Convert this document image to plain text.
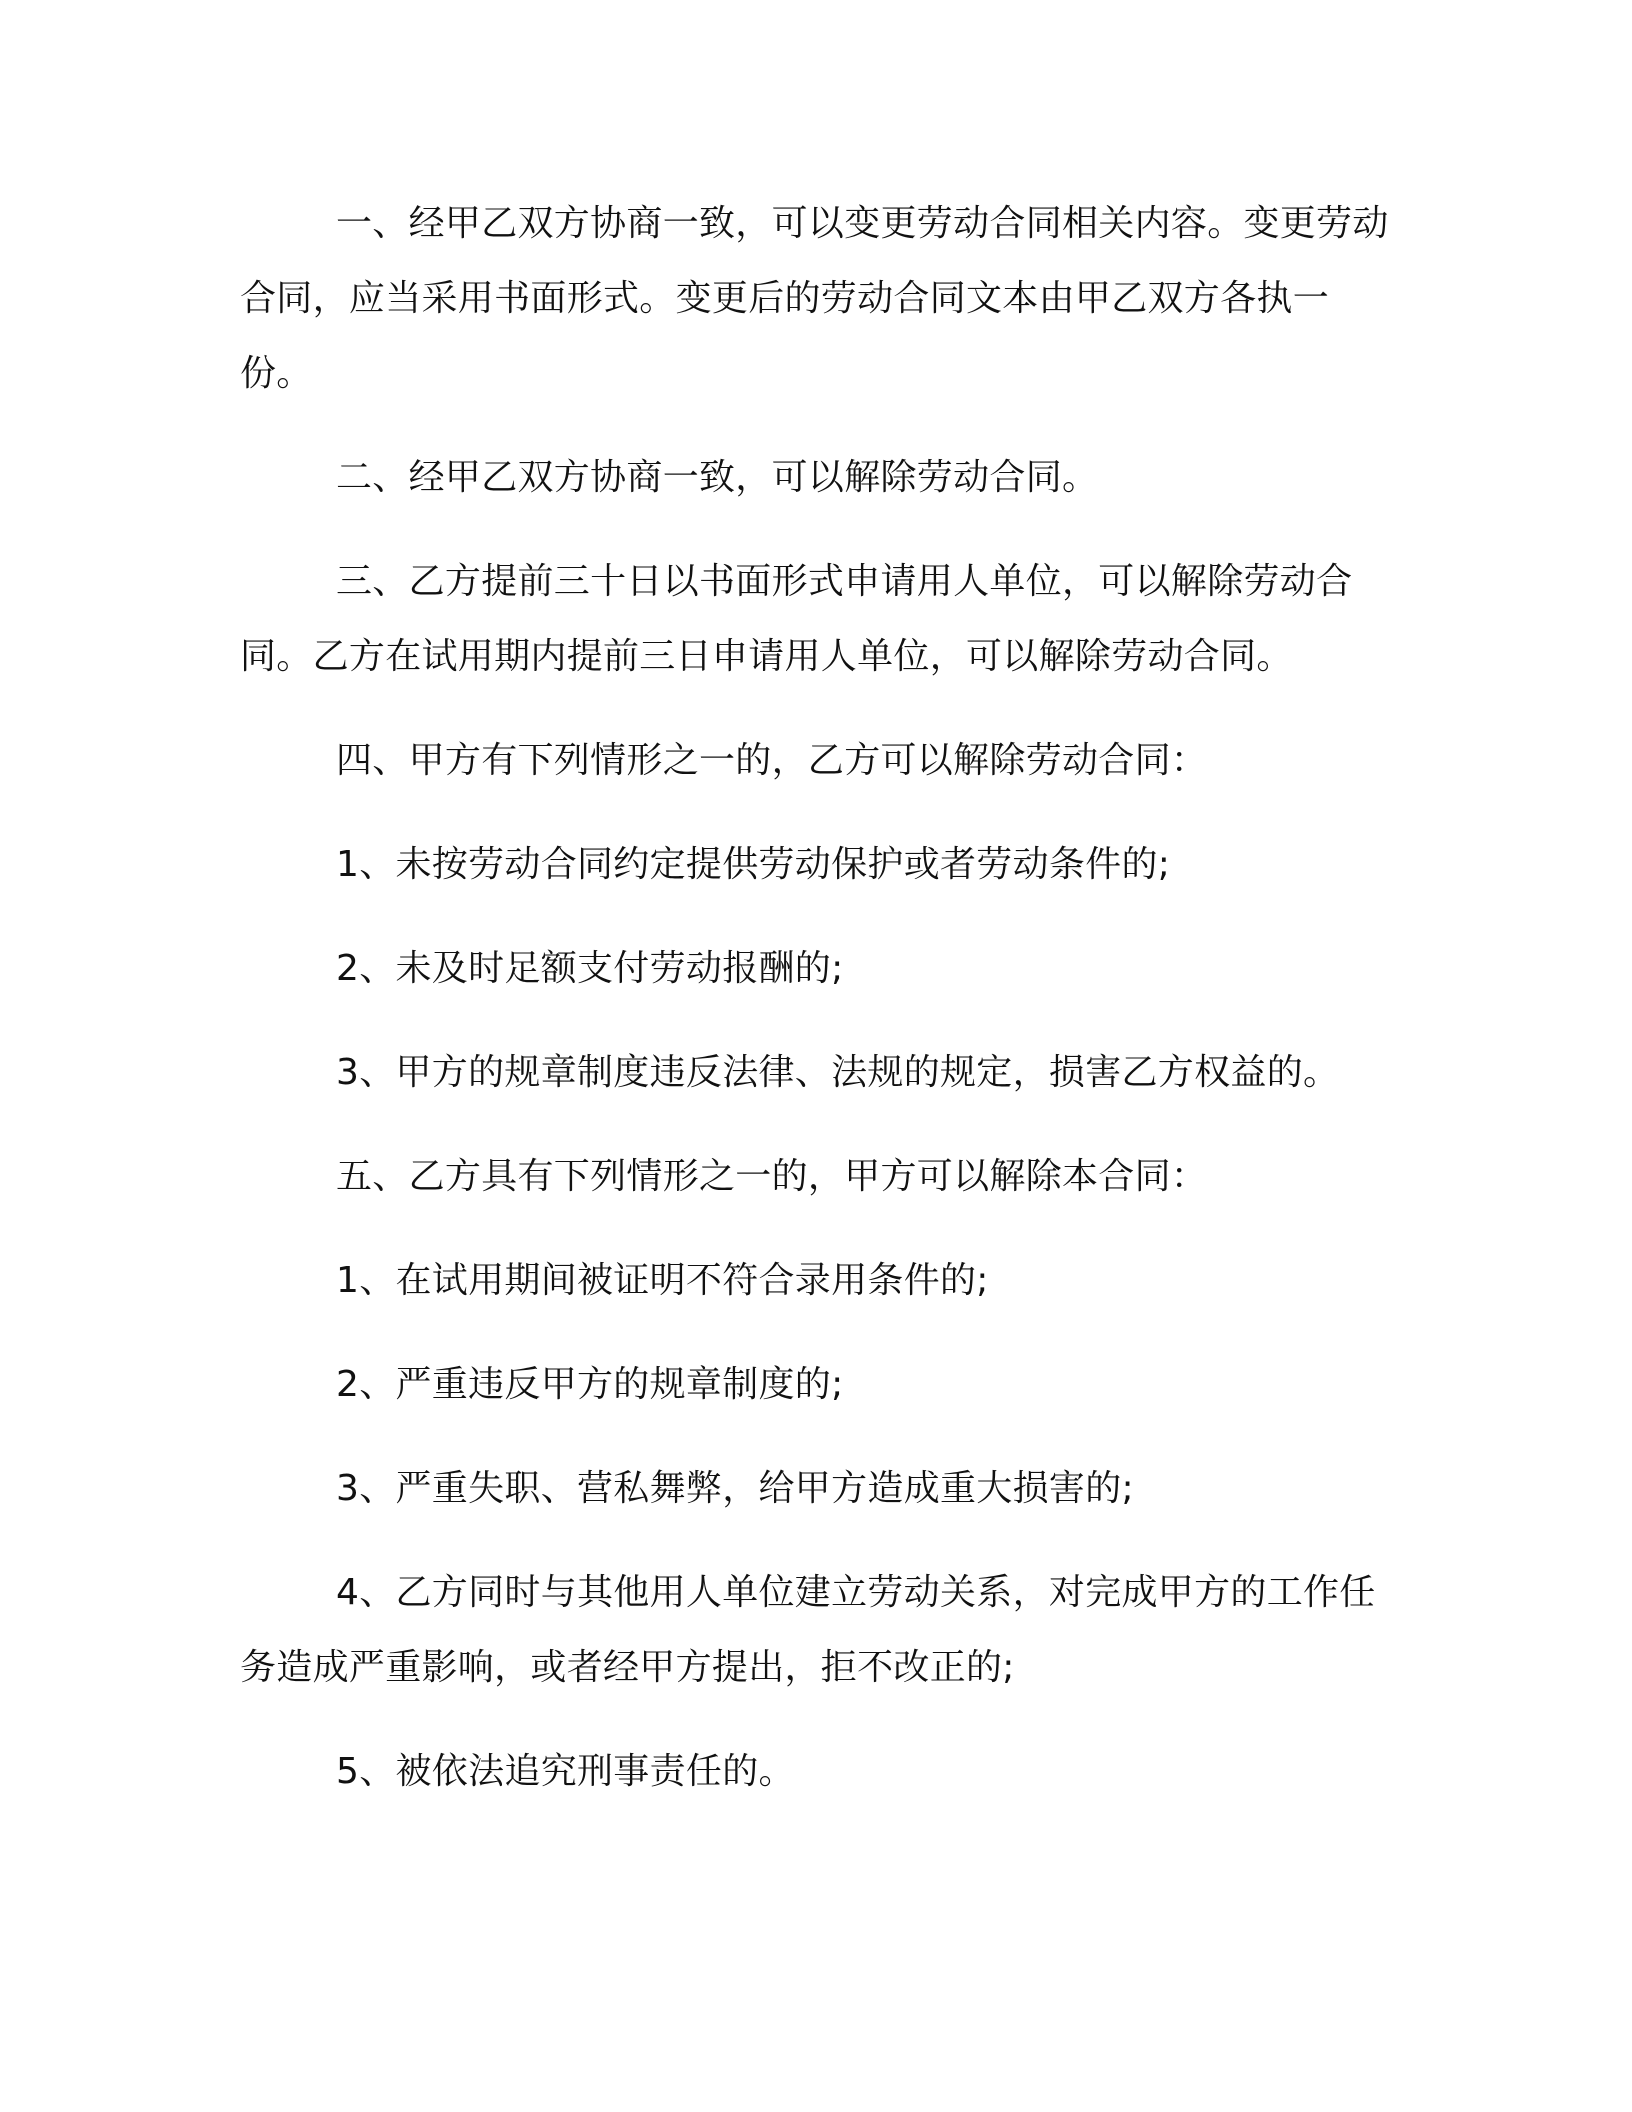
一、经甲乙双方协商一致，可以变更劳动合同相关内容。变更劳动合同，应当采用书面形式。变更后的劳动合同文本由甲乙双方各执一份。

二、经甲乙双方协商一致，可以解除劳动合同。

三、乙方提前三十日以书面形式申请用人单位，可以解除劳动合同。乙方在试用期内提前三日申请用人单位，可以解除劳动合同。

四、甲方有下列情形之一的，乙方可以解除劳动合同：

1、未按劳动合同约定提供劳动保护或者劳动条件的;

2、未及时足额支付劳动报酬的;

3、甲方的规章制度违反法律、法规的规定，损害乙方权益的。

五、乙方具有下列情形之一的，甲方可以解除本合同：

1、在试用期间被证明不符合录用条件的;

2、严重违反甲方的规章制度的;

3、严重失职、营私舞弊，给甲方造成重大损害的;

4、乙方同时与其他用人单位建立劳动关系，对完成甲方的工作任务造成严重影响，或者经甲方提出，拒不改正的;

5、被依法追究刑事责任的。
